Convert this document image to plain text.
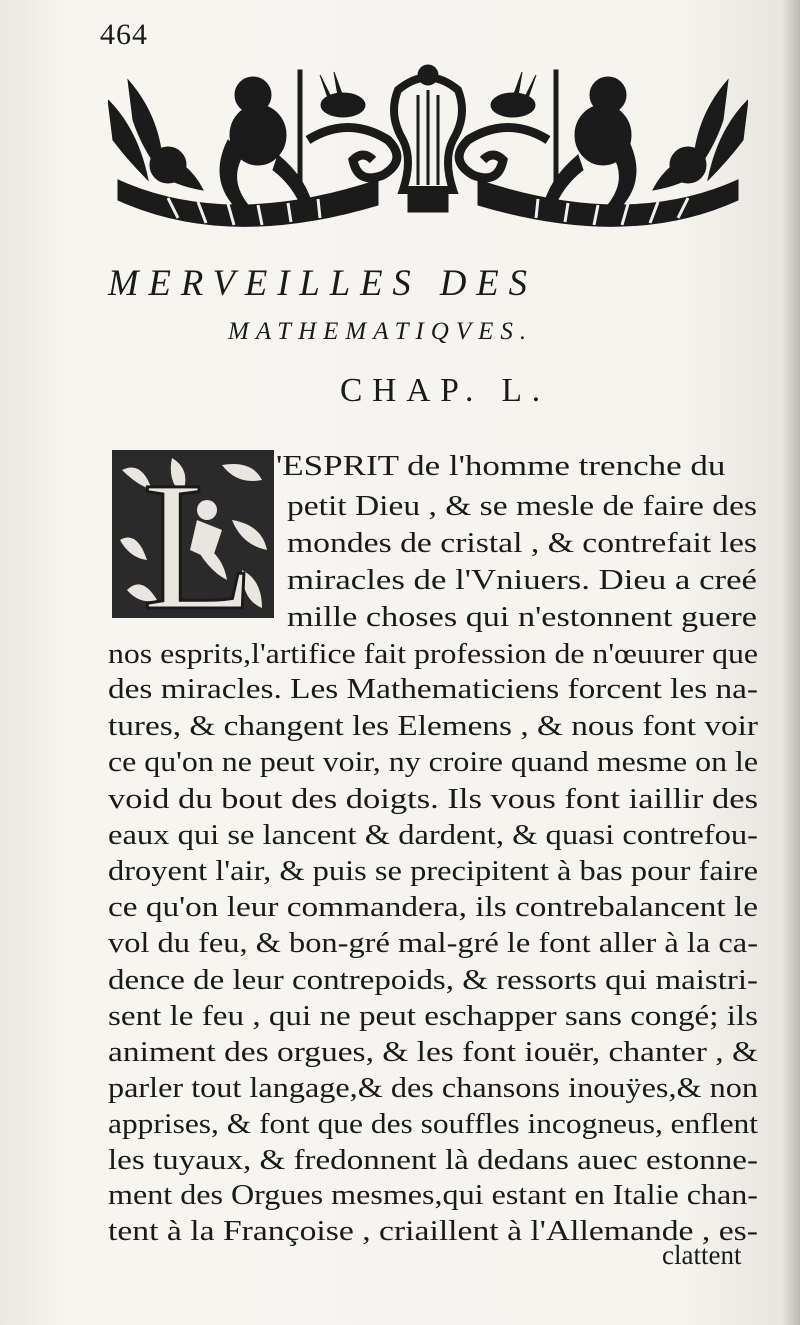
464
MERVEILLES DES
MATHEMATIQVES.
CHAP. L.
L 'ESPRIT de l'homme trenche du
petit Dieu , & se mesle de faire des
mondes de cristal , & contrefait les
miracles de l'Vniuers. Dieu a creé
mille choses qui n'estonnent guere
nos esprits,l'artifice fait profession de n'œuurer que
des miracles. Les Mathematiciens forcent les na-
tures, & changent les Elemens , & nous font voir
ce qu'on ne peut voir, ny croire quand mesme on le
void du bout des doigts. Ils vous font iaillir des
eaux qui se lancent & dardent, & quasi contrefou-
droyent l'air, & puis se precipitent à bas pour faire
ce qu'on leur commandera, ils contrebalancent le
vol du feu, & bon-gré mal-gré le font aller à la ca-
dence de leur contrepoids, & ressorts qui maistri-
sent le feu , qui ne peut eschapper sans congé; ils
animent des orgues, & les font iouër, chanter , &
parler tout langage,& des chansons inouÿes,& non
apprises, & font que des souffles incogneus, enflent
les tuyaux, & fredonnent là dedans auec estonne-
ment des Orgues mesmes,qui estant en Italie chan-
tent à la Françoise , criaillent à l'Allemande , es-
clattent
